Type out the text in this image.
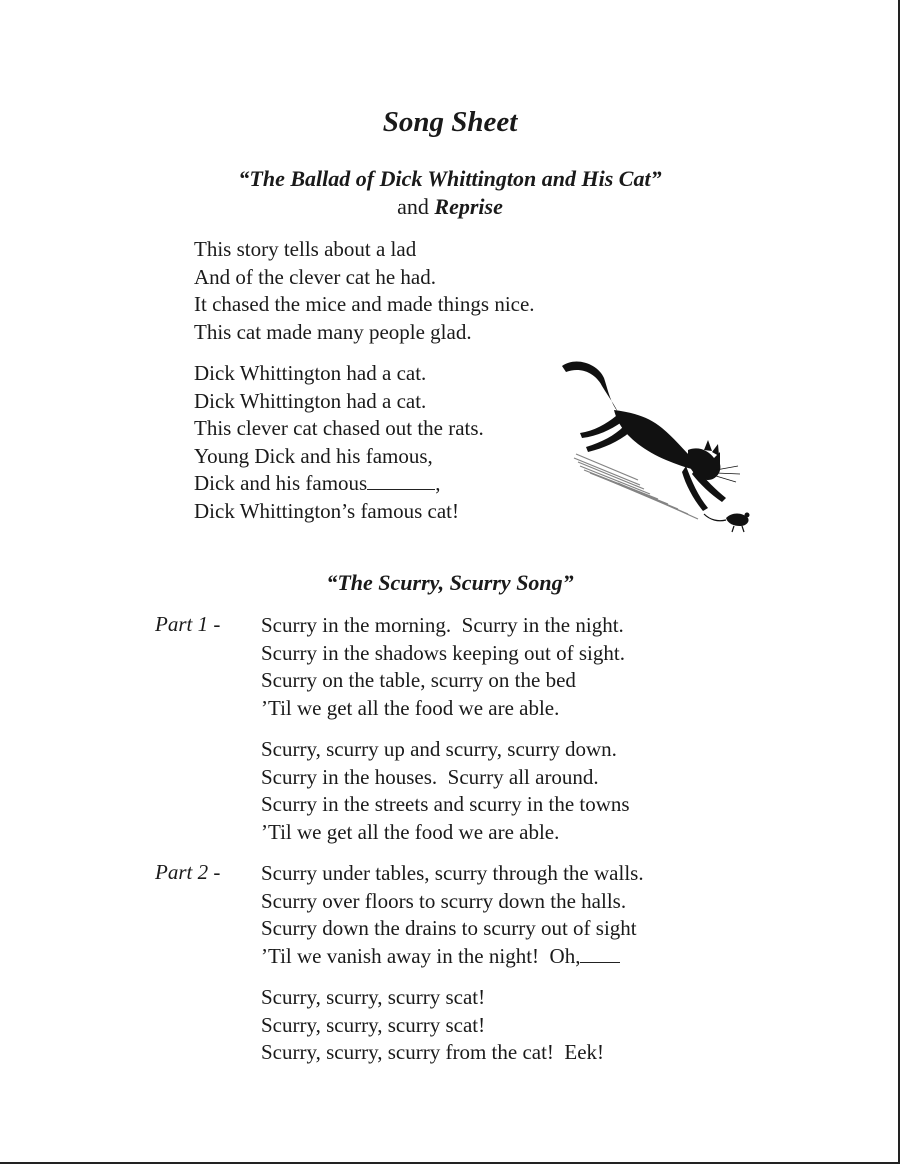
Song Sheet
“The Ballad of Dick Whittington and His Cat”
and Reprise
This story tells about a lad
And of the clever cat he had.
It chased the mice and made things nice.
This cat made many people glad.
Dick Whittington had a cat.
Dick Whittington had a cat.
This clever cat chased out the rats.
Young Dick and his famous,
Dick and his famous	,
Dick Whittington’s famous cat!
“The Scurry, Scurry Song”
Part 1 - Scurry in the morning.  Scurry in the night.
Scurry in the shadows keeping out of sight.
Scurry on the table, scurry on the bed
’Til we get all the food we are able.
Scurry, scurry up and scurry, scurry down.
Scurry in the houses.  Scurry all around.
Scurry in the streets and scurry in the towns
’Til we get all the food we are able.
Part 2 - Scurry under tables, scurry through the walls.
Scurry over floors to scurry down the halls.
Scurry down the drains to scurry out of sight
’Til we vanish away in the night!  Oh,
Scurry, scurry, scurry scat!
Scurry, scurry, scurry scat!
Scurry, scurry, scurry from the cat!  Eek!
